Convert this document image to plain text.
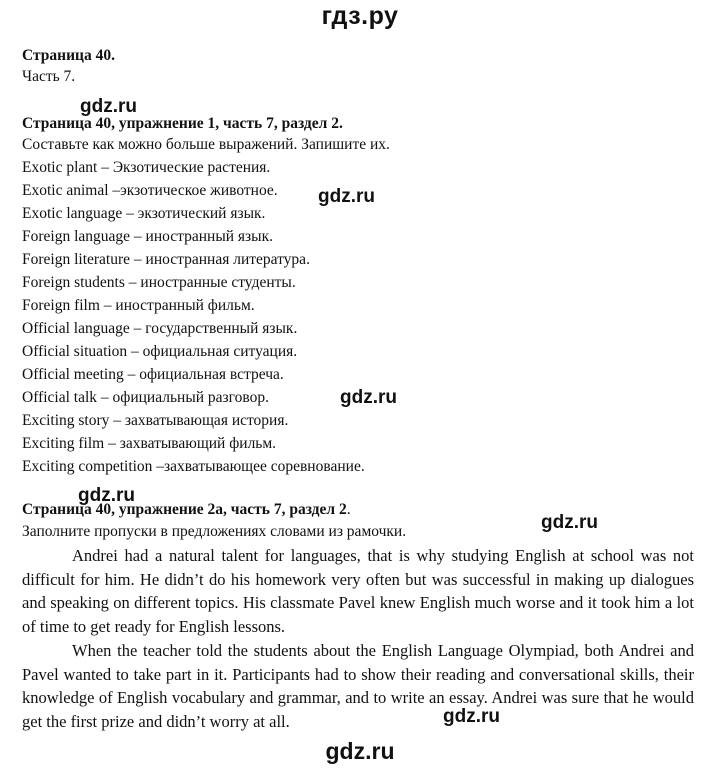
гдз.ру
Страница 40.
Часть 7.
gdz.ru
Страница 40, упражнение 1, часть 7, раздел 2.
Составьте как можно больше выражений. Запишите их.
Exotic plant – Экзотические растения.
Exotic animal –экзотическое животное. gdz.ru
Exotic language – экзотический язык.
Foreign language – иностранный язык.
Foreign literature – иностранная литература.
Foreign students – иностранные студенты.
Foreign film – иностранный фильм.
Official language – государственный язык.
Official situation – официальная ситуация.
Official meeting – официальная встреча.
Official talk – официальный разговор.	gdz.ru
Exciting story – захватывающая история.
Exciting film – захватывающий фильм.
Exciting competition –захватывающее соревнование.
gdz.ru
Страница 40, упражнение 2а, часть 7, раздел 2.
Заполните пропуски в предложениях словами из рамочки.	gdz.ru

Andrei had a natural talent for languages, that is why studying English at school was not difficult for him. He didn’t do his homework very often but was successful in making up dialogues and speaking on different topics. His classmate Pavel knew English much worse and it took him a lot of time to get ready for English lessons.

When the teacher told the students about the English Language Olympiad, both Andrei and Pavel wanted to take part in it. Participants had to show their reading and conversational skills, their knowledge of English vocabulary and grammar, and to write an essay. Andrei was sure that he would get the first prize and didn’t worry at all.	gdz.ru
gdz.ru
